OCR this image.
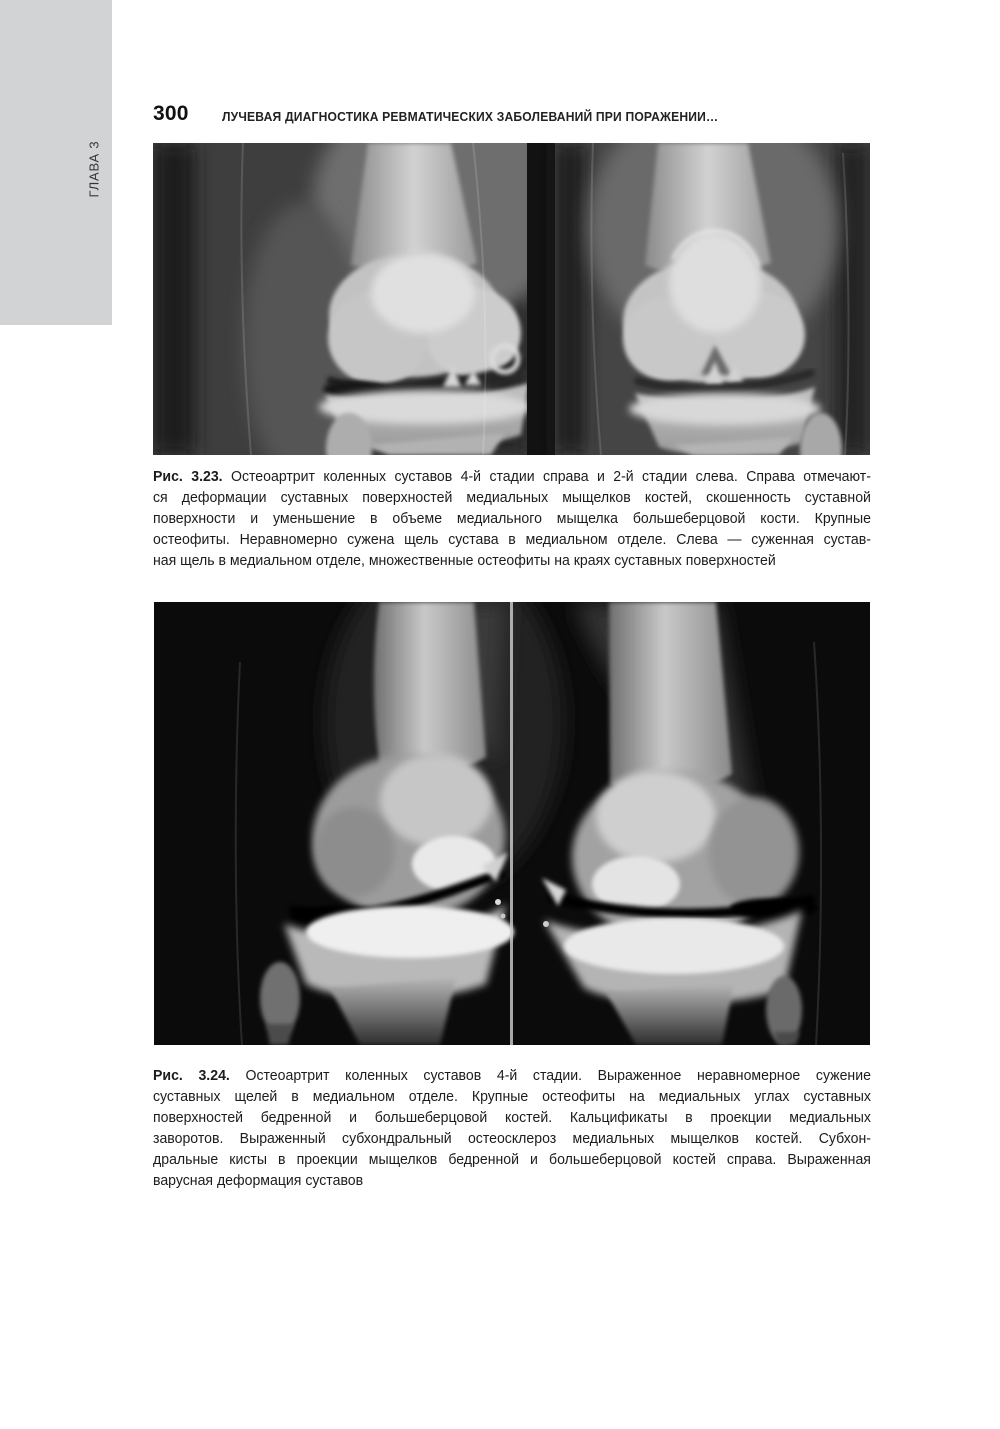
ГЛАВА 3
300	ЛУЧЕВАЯ ДИАГНОСТИКА РЕВМАТИЧЕСКИХ ЗАБОЛЕВАНИЙ ПРИ ПОРАЖЕНИИ…
Рис. 3.23. Остеоартрит коленных суставов 4-й стадии справа и 2-й стадии слева. Справа отмечают-
ся деформации суставных поверхностей медиальных мыщелков костей, скошенность суставной
поверхности и уменьшение в объеме медиального мыщелка большеберцовой кости. Крупные
остеофиты. Неравномерно сужена щель сустава в медиальном отделе. Слева — суженная сустав-
ная щель в медиальном отделе, множественные остеофиты на краях суставных поверхностей
Рис. 3.24. Остеоартрит коленных суставов 4-й стадии. Выраженное неравномерное сужение
суставных щелей в медиальном отделе. Крупные остеофиты на медиальных углах суставных
поверхностей бедренной и большеберцовой костей. Кальцификаты в проекции медиальных
заворотов. Выраженный субхондральный остеосклероз медиальных мыщелков костей. Субхон-
дральные кисты в проекции мыщелков бедренной и большеберцовой костей справа. Выраженная
варусная деформация суставов
